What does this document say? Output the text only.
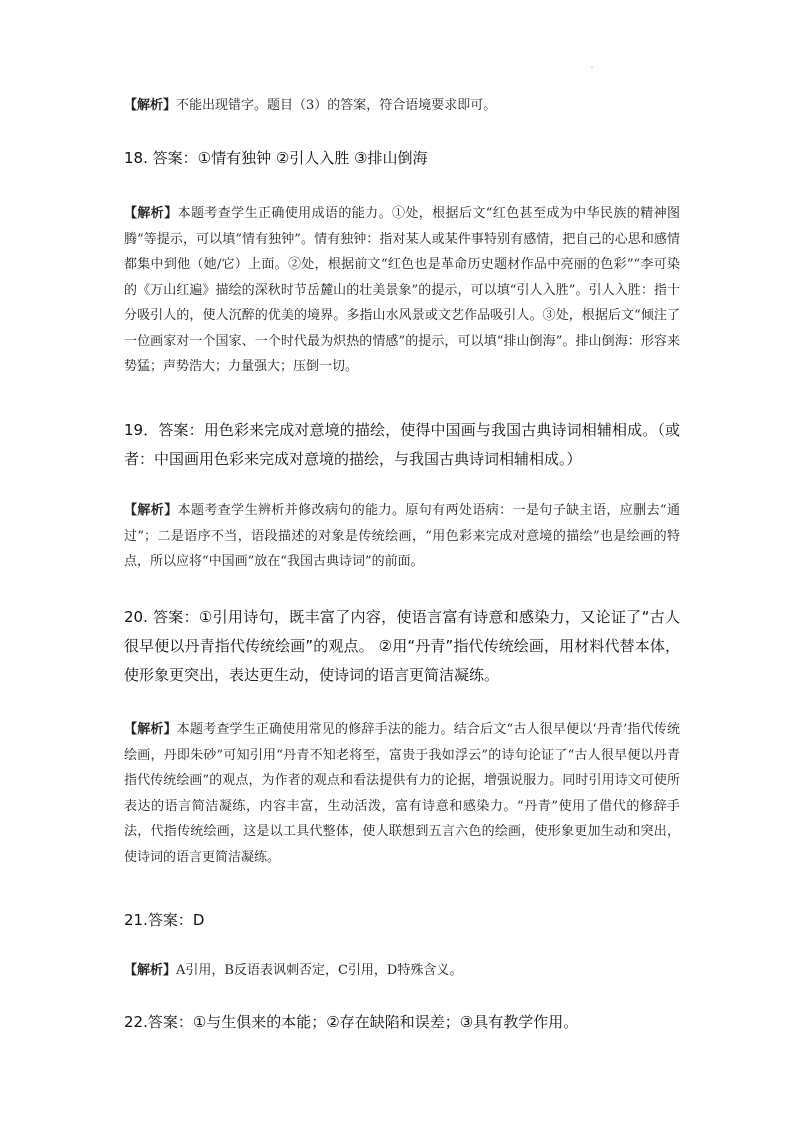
【解析】不能出现错字。题目（3）的答案，符合语境要求即可。
18. 答案：①情有独钟 ②引人入胜 ③排山倒海
【解析】本题考查学生正确使用成语的能力。①处，根据后文“红色甚至成为中华民族的精神图腾”等提示，可以填“情有独钟”。情有独钟：指对某人或某件事特别有感情，把自己的心思和感情都集中到他（她/它）上面。②处，根据前文“红色也是革命历史题材作品中亮丽的色彩”“李可染的《万山红遍》描绘的深秋时节岳麓山的壮美景象”的提示，可以填“引人入胜”。引人入胜：指十分吸引人的，使人沉醉的优美的境界。多指山水风景或文艺作品吸引人。③处，根据后文“倾注了一位画家对一个国家、一个时代最为炽热的情感”的提示，可以填“排山倒海”。排山倒海：形容来势猛；声势浩大；力量强大；压倒一切。
19．答案：用色彩来完成对意境的描绘，使得中国画与我国古典诗词相辅相成。（或者：中国画用色彩来完成对意境的描绘，与我国古典诗词相辅相成。）
【解析】本题考查学生辨析并修改病句的能力。原句有两处语病：一是句子缺主语，应删去“通过”；二是语序不当，语段描述的对象是传统绘画，“用色彩来完成对意境的描绘”也是绘画的特点，所以应将“中国画”放在“我国古典诗词”的前面。
20. 答案：①引用诗句，既丰富了内容，使语言富有诗意和感染力，又论证了“古人很早便以丹青指代传统绘画”的观点。 ②用“丹青”指代传统绘画，用材料代替本体，使形象更突出，表达更生动，使诗词的语言更简洁凝练。
【解析】本题考查学生正确使用常见的修辞手法的能力。结合后文“古人很早便以‘丹青’指代传统绘画，丹即朱砂”可知引用“丹青不知老将至，富贵于我如浮云”的诗句论证了“古人很早便以丹青指代传统绘画”的观点，为作者的观点和看法提供有力的论据，增强说服力。同时引用诗文可使所表达的语言简洁凝练，内容丰富，生动活泼，富有诗意和感染力。“丹青”使用了借代的修辞手法，代指传统绘画，这是以工具代整体，使人联想到五言六色的绘画，使形象更加生动和突出，使诗词的语言更简洁凝练。
21.答案：D
【解析】A引用，B反语表讽刺否定，C引用，D特殊含义。
22.答案：①与生俱来的本能；②存在缺陷和误差；③具有教学作用。
